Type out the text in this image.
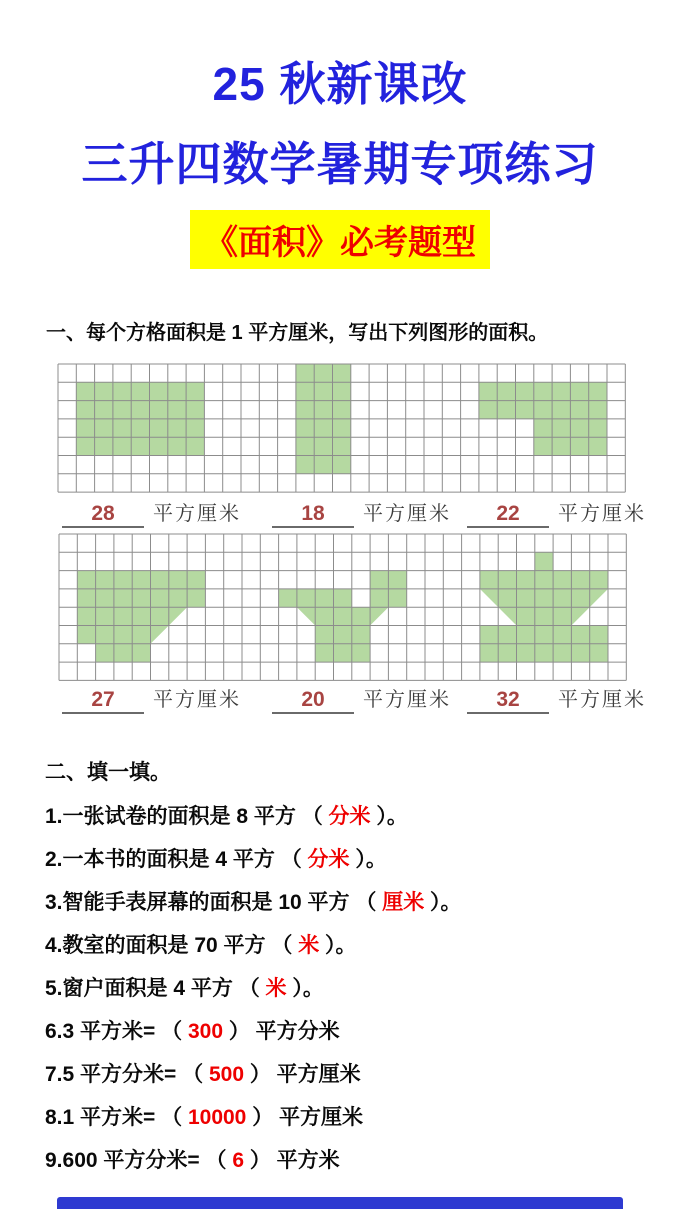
25 秋新课改
三升四数学暑期专项练习
《面积》必考题型
一、每个方格面积是 1 平方厘米，写出下列图形的面积。
28 平方厘米	18 平方厘米	22 平方厘米
27 平方厘米	20 平方厘米	32 平方厘米
二、填一填。
1.一张试卷的面积是 8 平方 （ 分米 ）。
2.一本书的面积是 4 平方 （ 分米 ）。
3.智能手表屏幕的面积是 10 平方 （ 厘米 ）。
4.教室的面积是 70 平方 （ 米 ）。
5.窗户面积是 4 平方 （ 米 ）。
6.3 平方米= （ 300 ） 平方分米
7.5 平方分米= （ 500 ） 平方厘米
8.1 平方米= （ 10000 ） 平方厘米
9.600 平方分米= （ 6 ） 平方米
